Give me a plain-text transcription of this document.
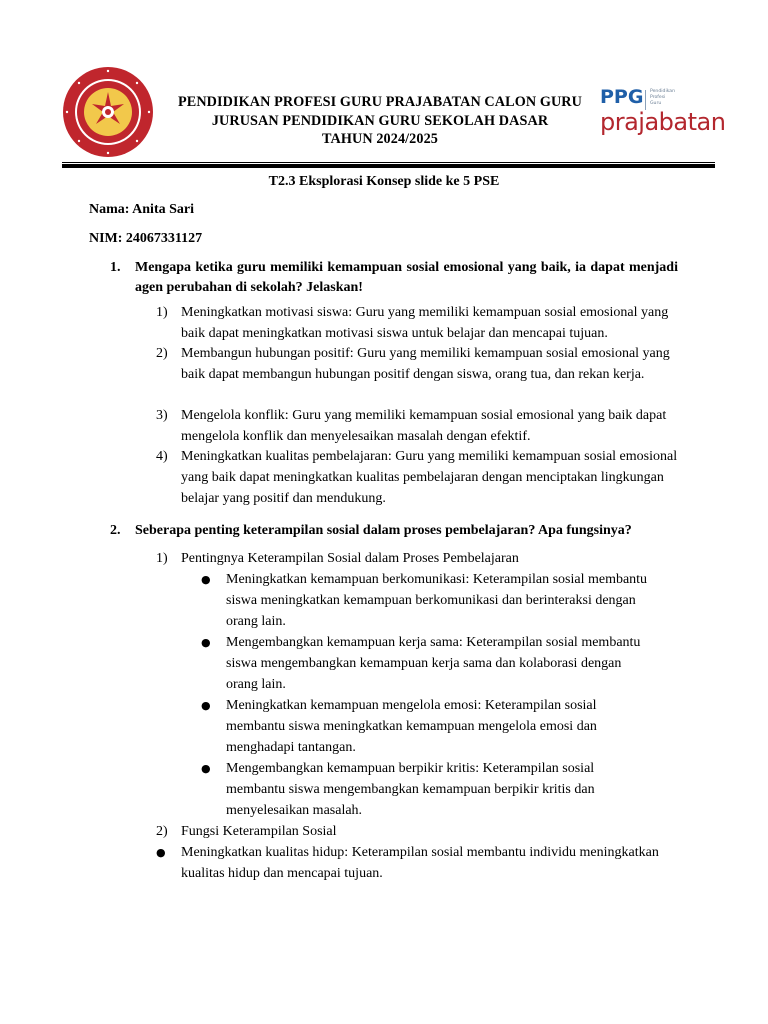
PENDIDIKAN PROFESI GURU PRAJABATAN CALON GURU
JURUSAN PENDIDIKAN GURU SEKOLAH DASAR
TAHUN 2024/2025
PPG Pendidikan
Profesi
Guru
prajabatan
T2.3 Eksplorasi Konsep slide ke 5 PSE
Nama: Anita Sari
NIM: 24067331127
1. Mengapa ketika guru memiliki kemampuan sosial emosional yang baik, ia dapat menjadi agen perubahan di sekolah? Jelaskan!
1) Meningkatkan motivasi siswa: Guru yang memiliki kemampuan sosial emosional yang baik dapat meningkatkan motivasi siswa untuk belajar dan mencapai tujuan.
2) Membangun hubungan positif: Guru yang memiliki kemampuan sosial emosional yang baik dapat membangun hubungan positif dengan siswa, orang tua, dan rekan kerja.
3) Mengelola konflik: Guru yang memiliki kemampuan sosial emosional yang baik dapat mengelola konflik dan menyelesaikan masalah dengan efektif.
4) Meningkatkan kualitas pembelajaran: Guru yang memiliki kemampuan sosial emosional yang baik dapat meningkatkan kualitas pembelajaran dengan menciptakan lingkungan belajar yang positif dan mendukung.
2. Seberapa penting keterampilan sosial dalam proses pembelajaran? Apa fungsinya?
1) Pentingnya Keterampilan Sosial dalam Proses Pembelajaran
● Meningkatkan kemampuan berkomunikasi: Keterampilan sosial membantu siswa meningkatkan kemampuan berkomunikasi dan berinteraksi dengan orang lain.
● Mengembangkan kemampuan kerja sama: Keterampilan sosial membantu siswa mengembangkan kemampuan kerja sama dan kolaborasi dengan orang lain.
● Meningkatkan kemampuan mengelola emosi: Keterampilan sosial membantu siswa meningkatkan kemampuan mengelola emosi dan menghadapi tantangan.
● Mengembangkan kemampuan berpikir kritis: Keterampilan sosial membantu siswa mengembangkan kemampuan berpikir kritis dan menyelesaikan masalah.
2) Fungsi Keterampilan Sosial
● Meningkatkan kualitas hidup: Keterampilan sosial membantu individu meningkatkan kualitas hidup dan mencapai tujuan.
